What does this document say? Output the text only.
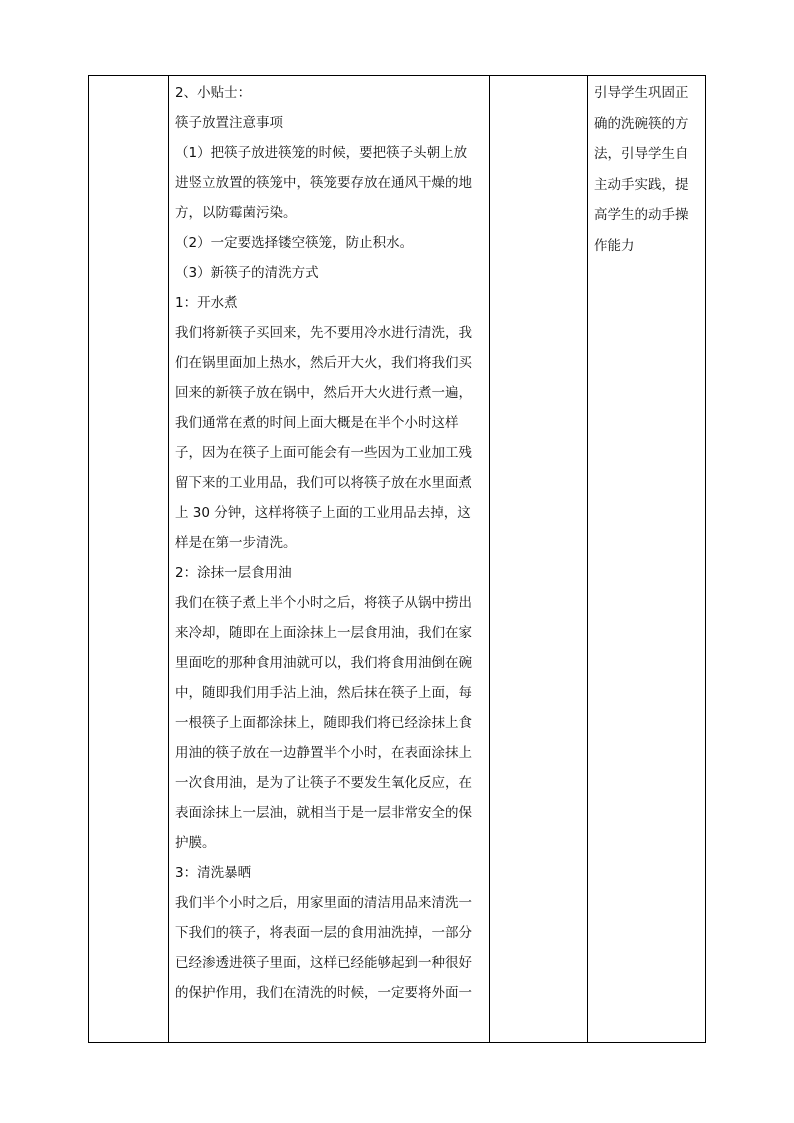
2、小贴士：

筷子放置注意事项

（1）把筷子放进筷笼的时候，要把筷子头朝上放

进竖立放置的筷笼中，筷笼要存放在通风干燥的地

方，以防霉菌污染。

（2）一定要选择镂空筷笼，防止积水。

（3）新筷子的清洗方式

1：开水煮

我们将新筷子买回来，先不要用冷水进行清洗，我

们在锅里面加上热水，然后开大火，我们将我们买

回来的新筷子放在锅中，然后开大火进行煮一遍，

我们通常在煮的时间上面大概是在半个小时这样

子，因为在筷子上面可能会有一些因为工业加工残

留下来的工业用品，我们可以将筷子放在水里面煮

上 30 分钟，这样将筷子上面的工业用品去掉，这

样是在第一步清洗。

2：涂抹一层食用油

我们在筷子煮上半个小时之后，将筷子从锅中捞出

来冷却，随即在上面涂抹上一层食用油，我们在家

里面吃的那种食用油就可以，我们将食用油倒在碗

中，随即我们用手沾上油，然后抹在筷子上面，每

一根筷子上面都涂抹上，随即我们将已经涂抹上食

用油的筷子放在一边静置半个小时，在表面涂抹上

一次食用油，是为了让筷子不要发生氧化反应，在

表面涂抹上一层油，就相当于是一层非常安全的保

护膜。

3：清洗暴晒

我们半个小时之后，用家里面的清洁用品来清洗一

下我们的筷子，将表面一层的食用油洗掉，一部分

已经渗透进筷子里面，这样已经能够起到一种很好

的保护作用，我们在清洗的时候，一定要将外面一

引导学生巩固正

确的洗碗筷的方

法，引导学生自

主动手实践，提

高学生的动手操

作能力
